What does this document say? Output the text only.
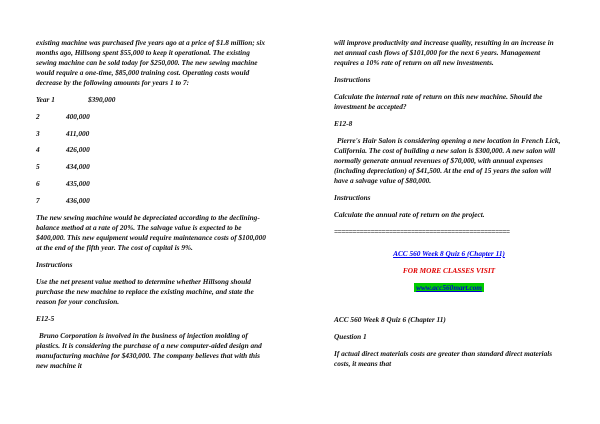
existing machine was purchased five years ago at a price of $1.8 million; six months ago, Hillsong spent $55,000 to keep it operational. The existing sewing machine can be sold today for $250,000. The new sewing machine would require a one-time, $85,000 training cost. Operating costs would decrease by the following amounts for years 1 to 7:

Year 1	$390,000
2	400,000
3	411,000
4	426,000
5	434,000
6	435,000
7	436,000

The new sewing machine would be depreciated according to the declining-balance method at a rate of 20%. The salvage value is expected to be $400,000. This new equipment would require maintenance costs of $100,000 at the end of the fifth year. The cost of capital is 9%.

Instructions

Use the net present value method to determine whether Hillsong should purchase the new machine to replace the existing machine, and state the reason for your conclusion.

E12-5

Bruno Corporation is involved in the business of injection molding of plastics. It is considering the purchase of a new computer-aided design and manufacturing machine for $430,000. The company believes that with this new machine it

will improve productivity and increase quality, resulting in an increase in net annual cash flows of $101,000 for the next 6 years. Management requires a 10% rate of return on all new investments.

Instructions

Calculate the internal rate of return on this new machine. Should the investment be accepted?

E12-8

Pierre's Hair Salon is considering opening a new location in French Lick, California. The cost of building a new salon is $300,000. A new salon will normally generate annual revenues of $70,000, with annual expenses (including depreciation) of $41,500. At the end of 15 years the salon will have a salvage value of $80,000.

Instructions

Calculate the annual rate of return on the project.

================================================

ACC 560 Week 8 Quiz 6 (Chapter 11)

FOR MORE CLASSES VISIT

www.acc560mart.com

ACC 560 Week 8 Quiz 6 (Chapter 11)

Question 1

If actual direct materials costs are greater than standard direct materials costs, it means that
